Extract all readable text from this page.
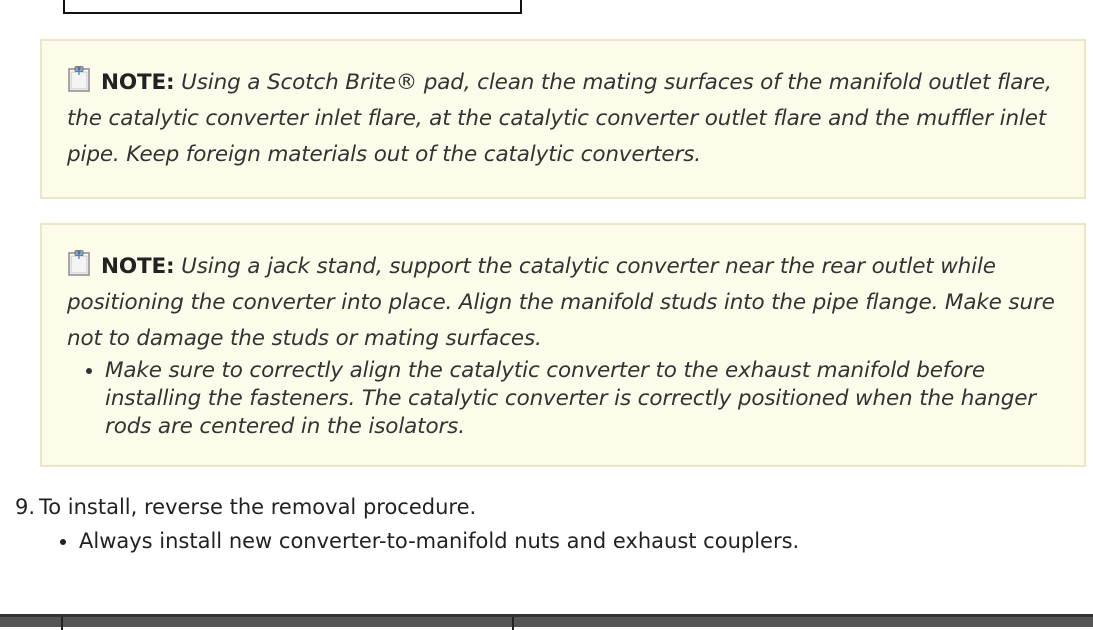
NOTE: Using a Scotch Brite® pad, clean the mating surfaces of the manifold outlet flare, the catalytic converter inlet flare, at the catalytic converter outlet flare and the muffler inlet pipe. Keep foreign materials out of the catalytic converters.
NOTE: Using a jack stand, support the catalytic converter near the rear outlet while positioning the converter into place. Align the manifold studs into the pipe flange. Make sure not to damage the studs or mating surfaces.
• Make sure to correctly align the catalytic converter to the exhaust manifold before installing the fasteners. The catalytic converter is correctly positioned when the hanger rods are centered in the isolators.
9. To install, reverse the removal procedure.
• Always install new converter-to-manifold nuts and exhaust couplers.
